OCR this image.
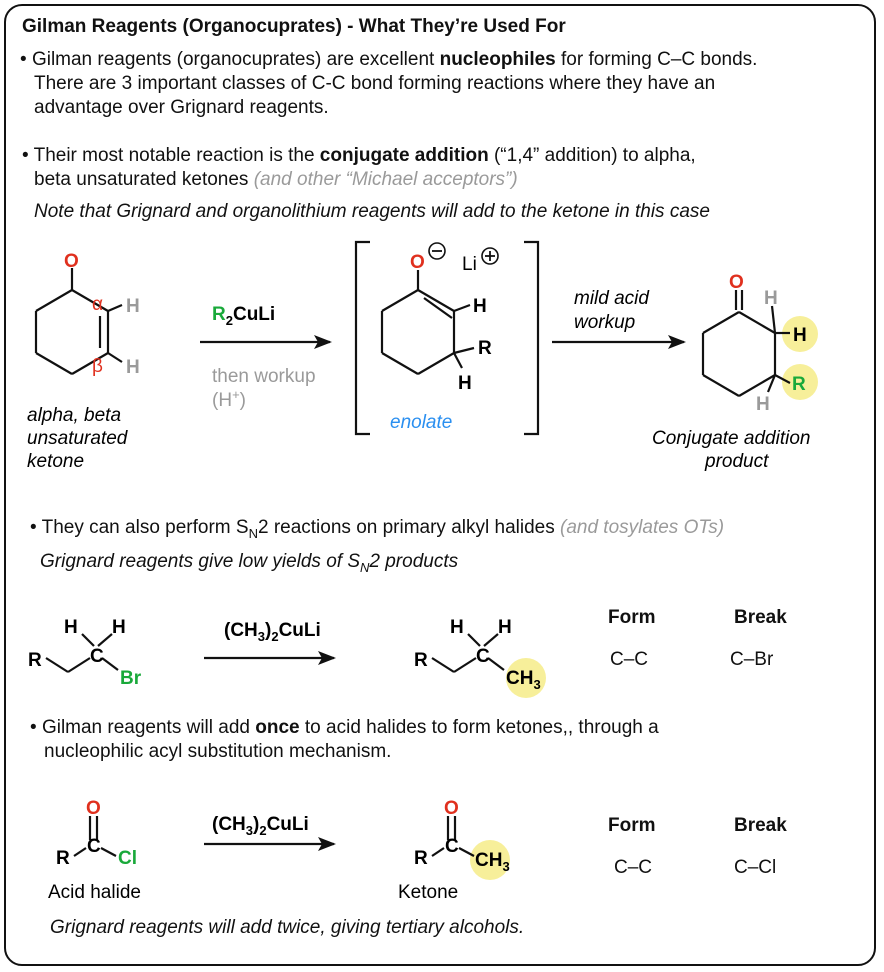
Gilman Reagents (Organocuprates) - What They’re Used For
• Gilman reagents (organocuprates) are excellent nucleophiles for forming C–C bonds.
There are 3 important classes of C-C bond forming reactions where they have an
advantage over Grignard reagents.
• Their most notable reaction is the conjugate addition (“1,4” addition) to alpha,
beta unsaturated ketones (and other “Michael acceptors”)
Note that Grignard and organolithium reagents will add to the ketone in this case
O
α
β
H
H
alpha, beta
unsaturated
ketone
$R_2CuLi$
then workup
(H+)
O Li
H
R
H
enolate
mild acid
workup
O
H
H
R
H
Conjugate addition
product
• They can also perform $S_N2$ reactions on primary alkyl halides (and tosylates OTs)
Grignard reagents give low yields of $S_N2$ products
R	C
H H
Br
$(CH_3)_2CuLi$
R	C
H H
$CH_3$
Form	Break
C–C	C–Br
• Gilman reagents will add once to acid halides to form ketones,, through a
nucleophilic acyl substitution mechanism.
O
C
R	Cl
Acid halide
$(CH_3)_2CuLi$
O
C
R $CH_3$
Ketone
Form	Break
C–C	C–Cl
Grignard reagents will add twice, giving tertiary alcohols.
